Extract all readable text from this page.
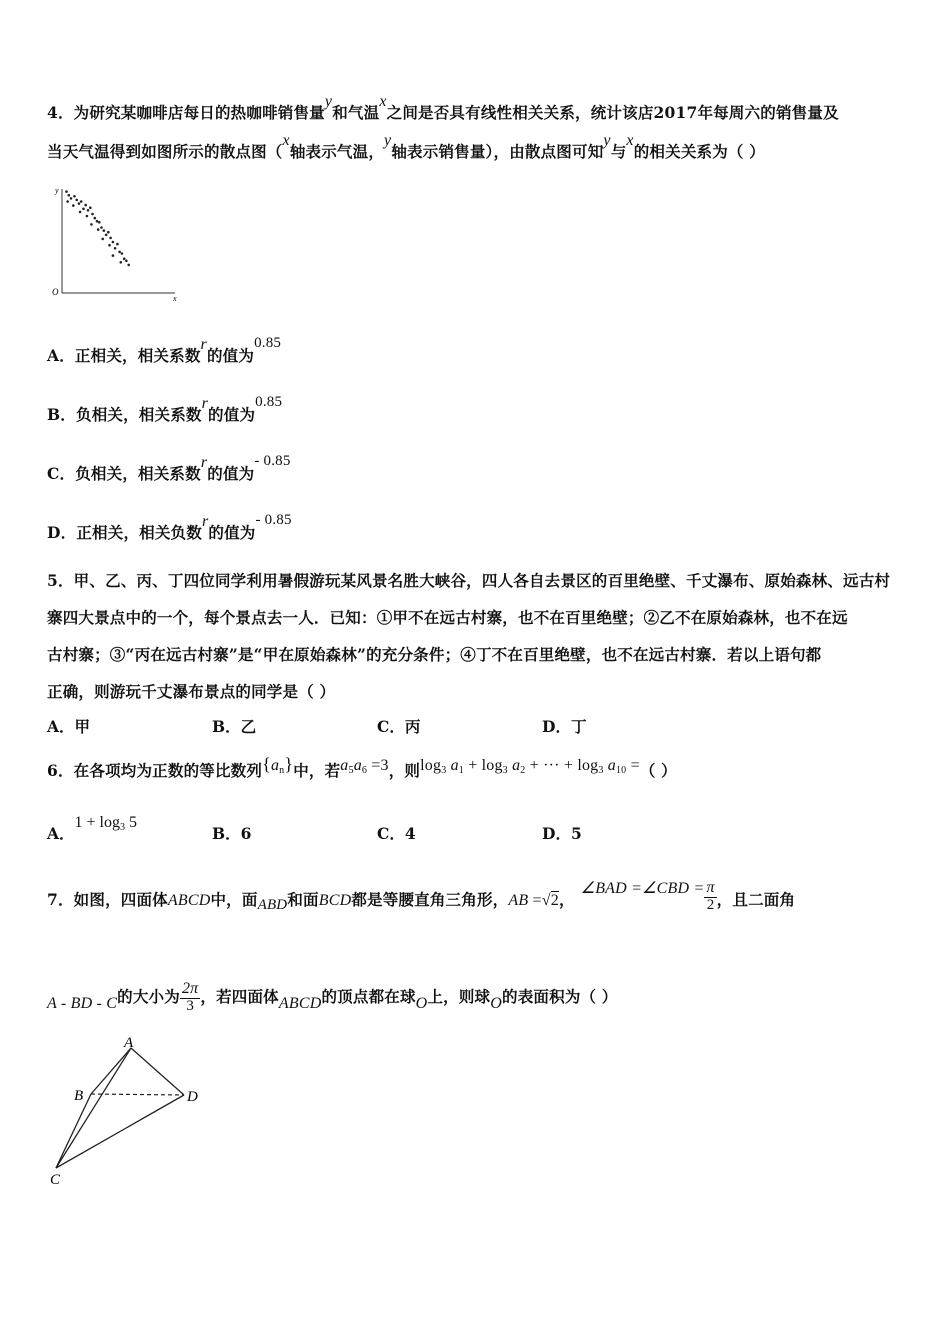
4．为研究某咖啡店每日的热咖啡销售量y和气温x之间是否具有线性相关关系，统计该店2017年每周六的销售量及
当天气温得到如图所示的散点图（x轴表示气温，y轴表示销售量），由散点图可知y与x的相关关系为（ ）
y
x
O
A．正相关，相关系数r的值为0.85
B．负相关，相关系数r的值为0.85
C．负相关，相关系数r的值为- 0.85
D．正相关，相关负数r的值为- 0.85
5．甲、乙、丙、丁四位同学利用暑假游玩某风景名胜大峡谷，四人各自去景区的百里绝壁、千丈瀑布、原始森林、远古村
寨四大景点中的一个，每个景点去一人．已知：①甲不在远古村寨，也不在百里绝壁；②乙不在原始森林，也不在远
古村寨；③“丙在远古村寨”是“甲在原始森林”的充分条件；④丁不在百里绝壁，也不在远古村寨．若以上语句都
正确，则游玩千丈瀑布景点的同学是（ ）
A．甲	B．乙	C．丙	D．丁
6．在各项均为正数的等比数列$\{a_n\}$中，若$a_5a_6 =3$，则$\log_3 a_1 + \log_3 a_2$ + ··· + $\log_3 a_{10}$ =（ ）
A．$1 + \log_3 5$
B．6	C．4	D．5
7．如图，四面体ABCD中，面ABD和面BCD都是等腰直角三角形，AB =√2，∠BAD =∠CBD = $\frac{\pi}{2}$ ，且二面角
A - BD - C的大小为 $\frac{2\pi}{3}$ ，若四面体ABCD的顶点都在球O上，则球O的表面积为（ ）
A
B	D
C
